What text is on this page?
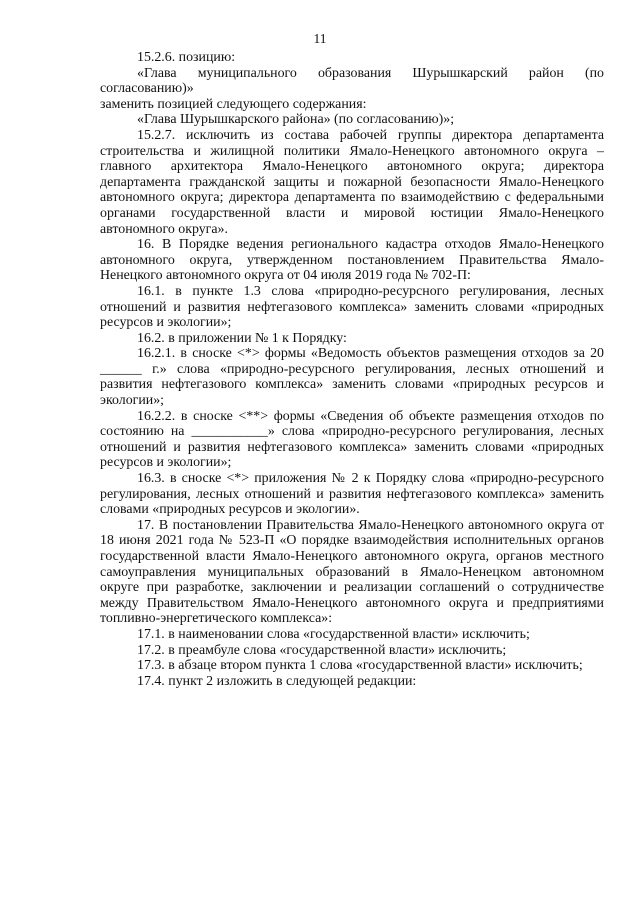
11

15.2.6. позицию:

«Глава муниципального образования Шурышкарский район (по согласованию)»

заменить позицией следующего содержания:

«Глава Шурышкарского района» (по согласованию)»;

15.2.7. исключить из состава рабочей группы директора департамента строительства и жилищной политики Ямало-Ненецкого автономного округа – главного архитектора Ямало-Ненецкого автономного округа; директора департамента гражданской защиты и пожарной безопасности Ямало-Ненецкого автономного округа; директора департамента по взаимодействию с федеральными органами государственной власти и мировой юстиции Ямало-Ненецкого автономного округа».

16. В Порядке ведения регионального кадастра отходов Ямало-Ненецкого автономного округа, утвержденном постановлением Правительства Ямало-Ненецкого автономного округа от 04 июля 2019 года № 702-П:

16.1. в пункте 1.3 слова «природно-ресурсного регулирования, лесных отношений и развития нефтегазового комплекса» заменить словами «природных ресурсов и экологии»;

16.2. в приложении № 1 к Порядку:

16.2.1. в сноске <*> формы «Ведомость объектов размещения отходов за 20 ______ г.» слова «природно-ресурсного регулирования, лесных отношений и развития нефтегазового комплекса» заменить словами «природных ресурсов и экологии»;

16.2.2. в сноске <**> формы «Сведения об объекте размещения отходов по состоянию на ___________» слова «природно-ресурсного регулирования, лесных отношений и развития нефтегазового комплекса» заменить словами «природных ресурсов и экологии»;

16.3. в сноске <*> приложения № 2 к Порядку слова «природно-ресурсного регулирования, лесных отношений и развития нефтегазового комплекса» заменить словами «природных ресурсов и экологии».

17. В постановлении Правительства Ямало-Ненецкого автономного округа от 18 июня 2021 года № 523-П «О порядке взаимодействия исполнительных органов государственной власти Ямало-Ненецкого автономного округа, органов местного самоуправления муниципальных образований в Ямало-Ненецком автономном округе при разработке, заключении и реализации соглашений о сотрудничестве между Правительством Ямало-Ненецкого автономного округа и предприятиями топливно-энергетического комплекса»:

17.1. в наименовании слова «государственной власти» исключить;

17.2. в преамбуле слова «государственной власти» исключить;

17.3. в абзаце втором пункта 1 слова «государственной власти» исключить;

17.4. пункт 2 изложить в следующей редакции:
